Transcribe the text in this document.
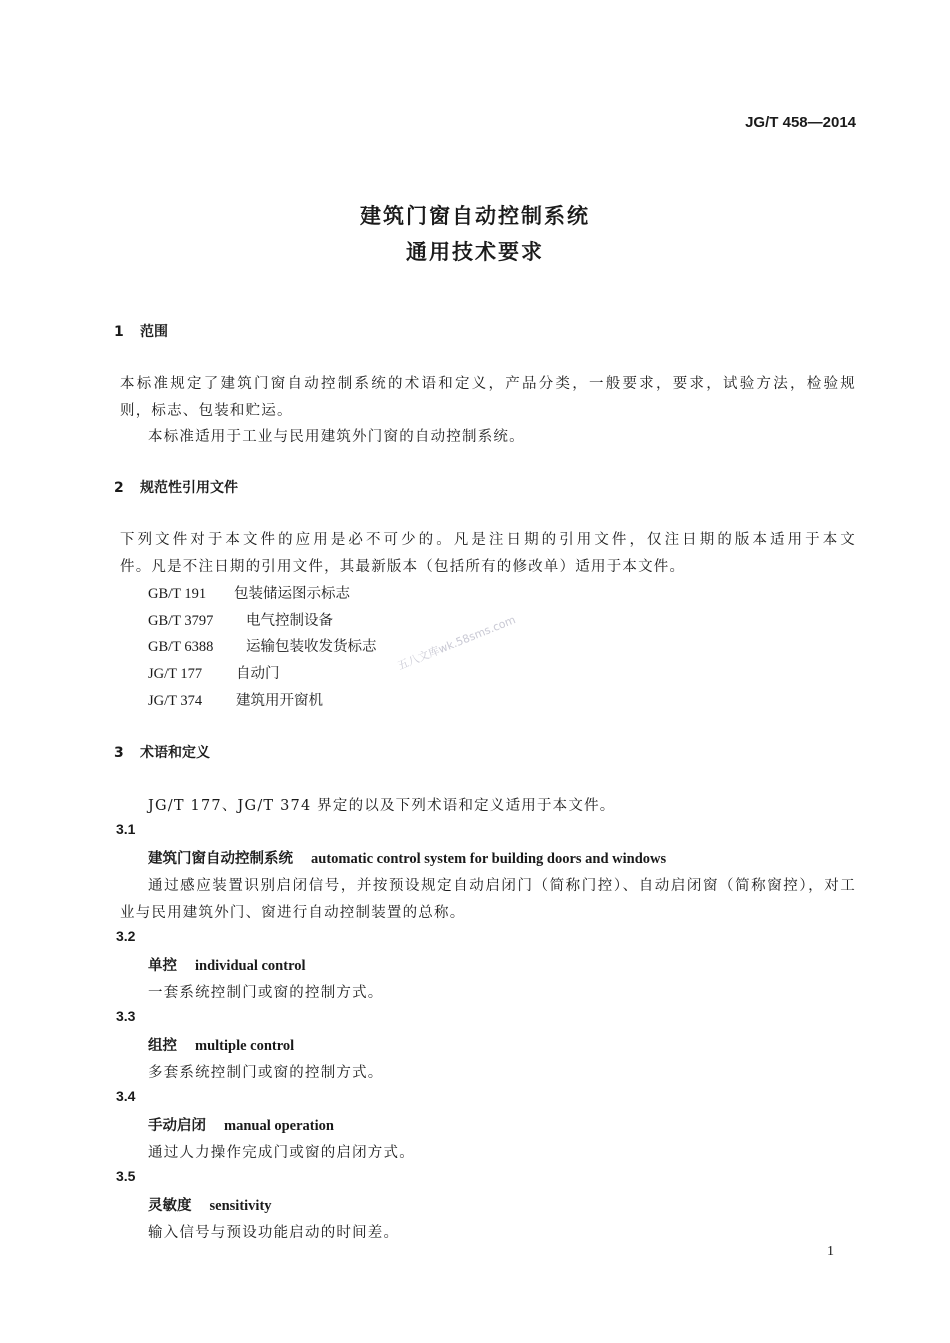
JG/T 458—2014
建筑门窗自动控制系统
通用技术要求
1 范围
本标准规定了建筑门窗自动控制系统的术语和定义，产品分类，一般要求，要求，试验方法，检验规
则，标志、包装和贮运。
本标准适用于工业与民用建筑外门窗的自动控制系统。
2 规范性引用文件
下列文件对于本文件的应用是必不可少的。凡是注日期的引用文件，仅注日期的版本适用于本文
件。凡是不注日期的引用文件，其最新版本（包括所有的修改单）适用于本文件。
GB/T 191 包装储运图示标志
GB/T 3797 电气控制设备
GB/T 6388 运输包装收发货标志
JG/T 177 自动门
JG/T 374 建筑用开窗机
五八文库wk.58sms.com
3 术语和定义
JG/T 177、JG/T 374 界定的以及下列术语和定义适用于本文件。
3.1
建筑门窗自动控制系统 automatic control system for building doors and windows
通过感应装置识别启闭信号，并按预设规定自动启闭门（简称门控）、自动启闭窗（简称窗控），对工
业与民用建筑外门、窗进行自动控制装置的总称。
3.2
单控 individual control
一套系统控制门或窗的控制方式。
3.3
组控 multiple control
多套系统控制门或窗的控制方式。
3.4
手动启闭 manual operation
通过人力操作完成门或窗的启闭方式。
3.5
灵敏度 sensitivity
输入信号与预设功能启动的时间差。
1
